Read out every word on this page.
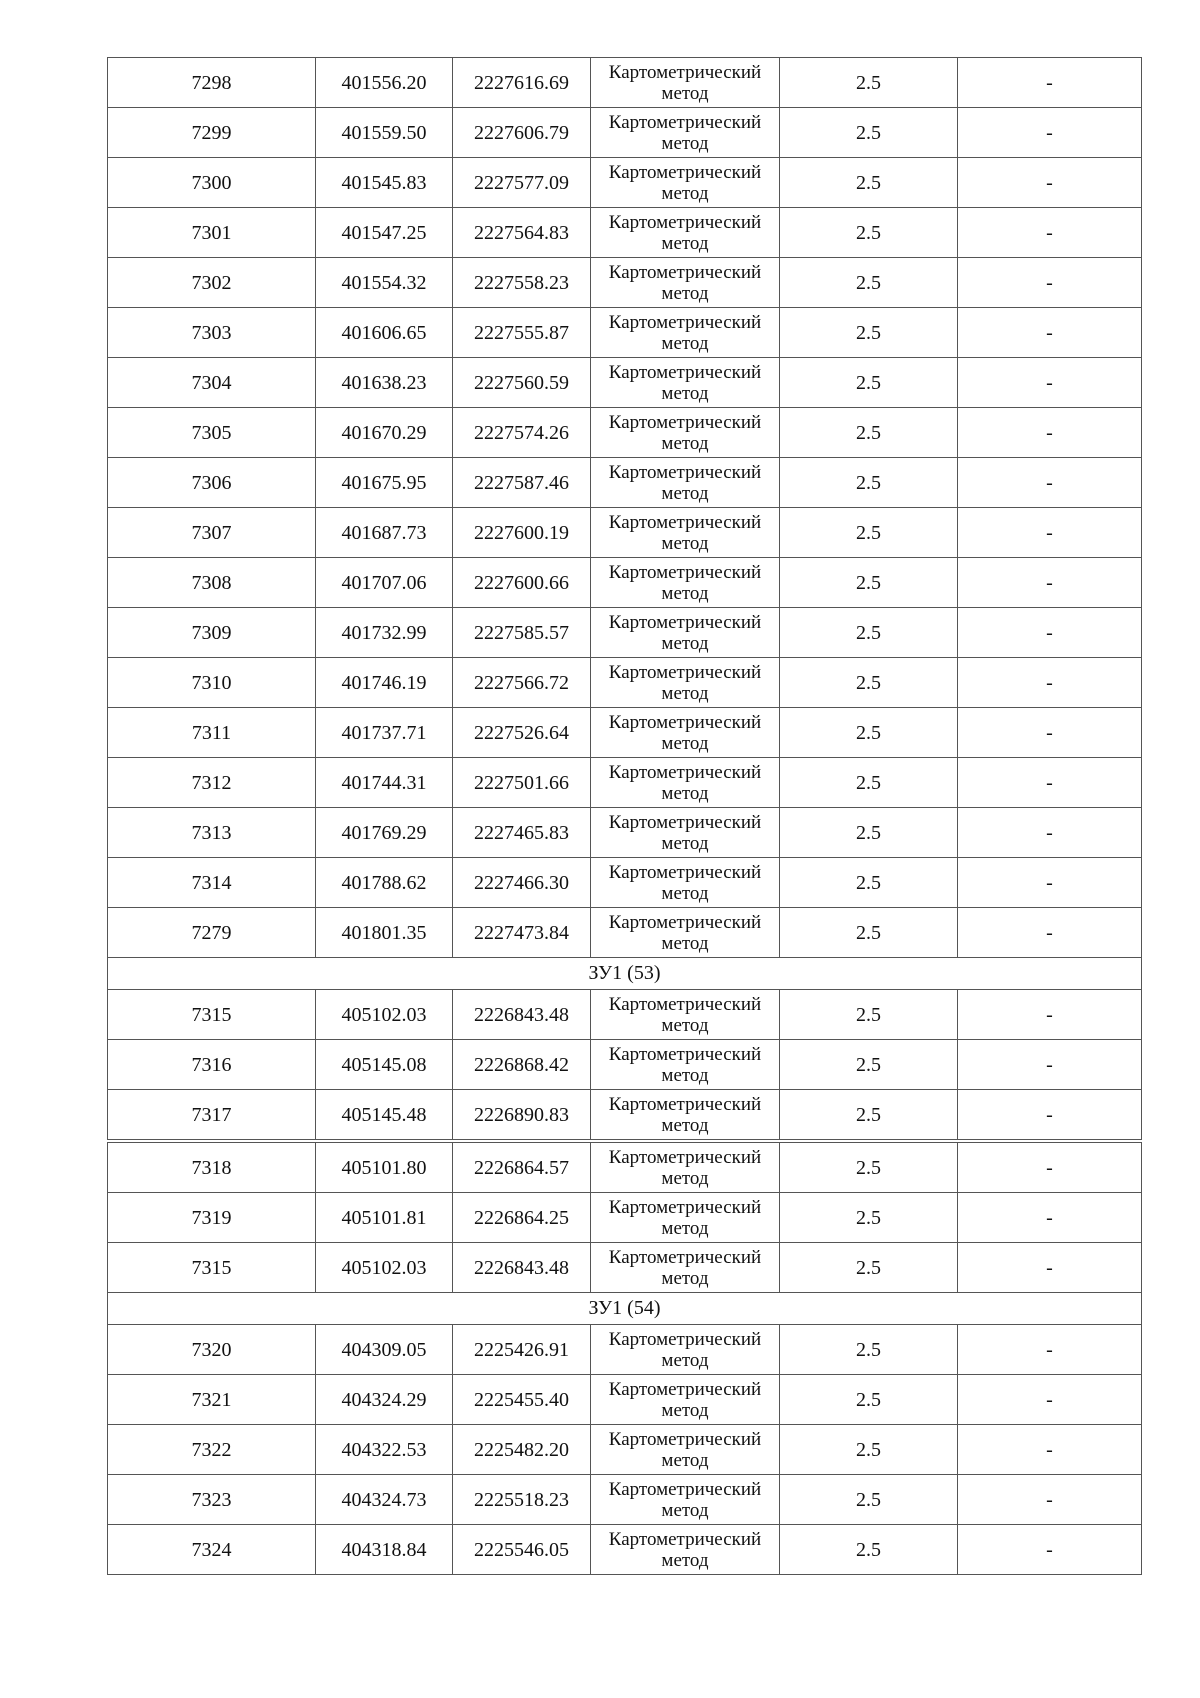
7298	401556.20	2227616.69	Картометрический метод	2.5	-
7299	401559.50	2227606.79	Картометрический метод	2.5	-
7300	401545.83	2227577.09	Картометрический метод	2.5	-
7301	401547.25	2227564.83	Картометрический метод	2.5	-
7302	401554.32	2227558.23	Картометрический метод	2.5	-
7303	401606.65	2227555.87	Картометрический метод	2.5	-
7304	401638.23	2227560.59	Картометрический метод	2.5	-
7305	401670.29	2227574.26	Картометрический метод	2.5	-
7306	401675.95	2227587.46	Картометрический метод	2.5	-
7307	401687.73	2227600.19	Картометрический метод	2.5	-
7308	401707.06	2227600.66	Картометрический метод	2.5	-
7309	401732.99	2227585.57	Картометрический метод	2.5	-
7310	401746.19	2227566.72	Картометрический метод	2.5	-
7311	401737.71	2227526.64	Картометрический метод	2.5	-
7312	401744.31	2227501.66	Картометрический метод	2.5	-
7313	401769.29	2227465.83	Картометрический метод	2.5	-
7314	401788.62	2227466.30	Картометрический метод	2.5	-
7279	401801.35	2227473.84	Картометрический метод	2.5	-
ЗУ1 (53)					
7315	405102.03	2226843.48	Картометрический метод	2.5	-
7316	405145.08	2226868.42	Картометрический метод	2.5	-
7317	405145.48	2226890.83	Картометрический метод	2.5	-
7318	405101.80	2226864.57	Картометрический метод	2.5	-
7319	405101.81	2226864.25	Картометрический метод	2.5	-
7315	405102.03	2226843.48	Картометрический метод	2.5	-
ЗУ1 (54)					
7320	404309.05	2225426.91	Картометрический метод	2.5	-
7321	404324.29	2225455.40	Картометрический метод	2.5	-
7322	404322.53	2225482.20	Картометрический метод	2.5	-
7323	404324.73	2225518.23	Картометрический метод	2.5	-
7324	404318.84	2225546.05	Картометрический метод	2.5	-
